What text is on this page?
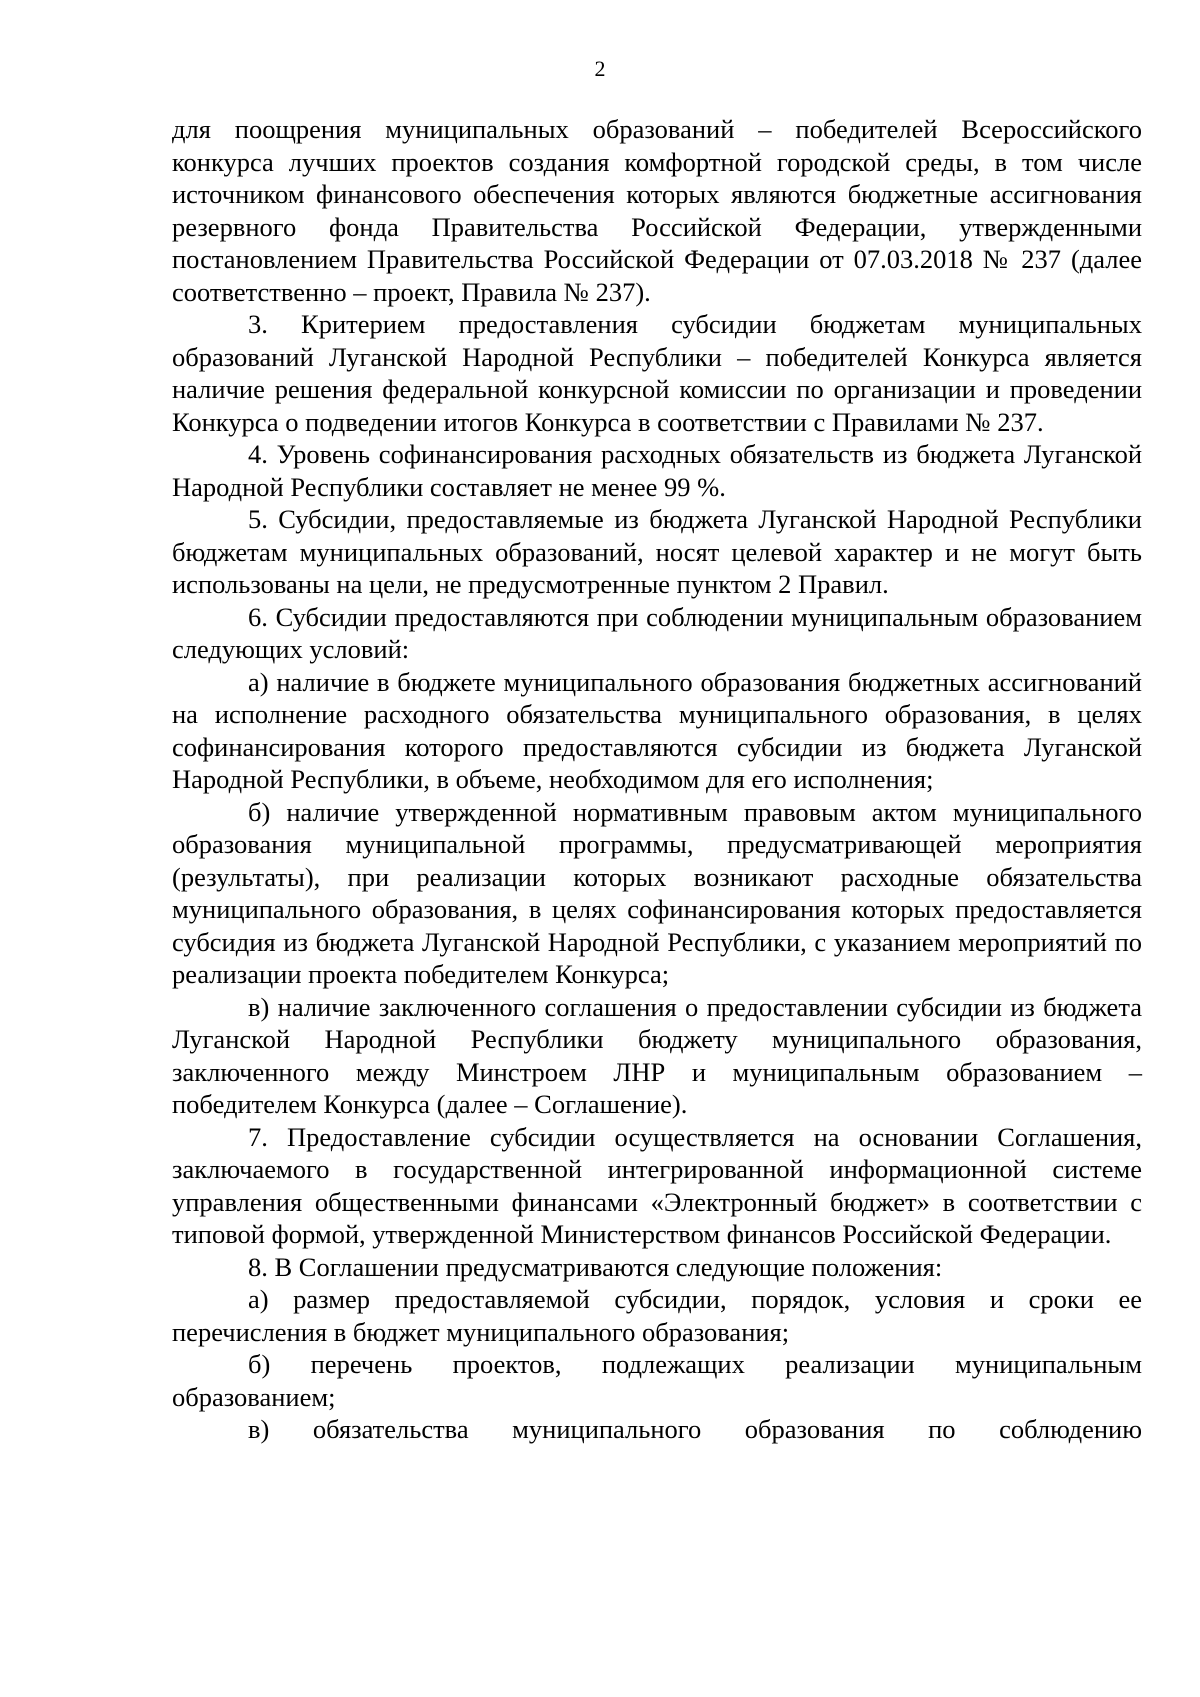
2

для поощрения муниципальных образований – победителей Всероссийского конкурса лучших проектов создания комфортной городской среды, в том числе источником финансового обеспечения которых являются бюджетные ассигнования резервного фонда Правительства Российской Федерации, утвержденными постановлением Правительства Российской Федерации от 07.03.2018 № 237 (далее соответственно – проект, Правила № 237).

3. Критерием предоставления субсидии бюджетам муниципальных образований Луганской Народной Республики – победителей Конкурса является наличие решения федеральной конкурсной комиссии по организации и проведении Конкурса о подведении итогов Конкурса в соответствии с Правилами № 237.

4. Уровень софинансирования расходных обязательств из бюджета Луганской Народной Республики составляет не менее 99 %.

5. Субсидии, предоставляемые из бюджета Луганской Народной Республики бюджетам муниципальных образований, носят целевой характер и не могут быть использованы на цели, не предусмотренные пунктом 2 Правил.

6. Субсидии предоставляются при соблюдении муниципальным образованием следующих условий:

а) наличие в бюджете муниципального образования бюджетных ассигнований на исполнение расходного обязательства муниципального образования, в целях софинансирования которого предоставляются субсидии из бюджета Луганской Народной Республики, в объеме, необходимом для его исполнения;

б) наличие утвержденной нормативным правовым актом муниципального образования муниципальной программы, предусматривающей мероприятия (результаты), при реализации которых возникают расходные обязательства муниципального образования, в целях софинансирования которых предоставляется субсидия из бюджета Луганской Народной Республики, с указанием мероприятий по реализации проекта победителем Конкурса;

в) наличие заключенного соглашения о предоставлении субсидии из бюджета Луганской Народной Республики бюджету муниципального образования, заключенного между Минстроем ЛНР и муниципальным образованием – победителем Конкурса (далее – Соглашение).

7. Предоставление субсидии осуществляется на основании Соглашения, заключаемого в государственной интегрированной информационной системе управления общественными финансами «Электронный бюджет» в соответствии с типовой формой, утвержденной Министерством финансов Российской Федерации.

8. В Соглашении предусматриваются следующие положения:

а) размер предоставляемой субсидии, порядок, условия и сроки ее перечисления в бюджет муниципального образования;

б) перечень проектов, подлежащих реализации муниципальным образованием;

в) обязательства муниципального образования по соблюдению
